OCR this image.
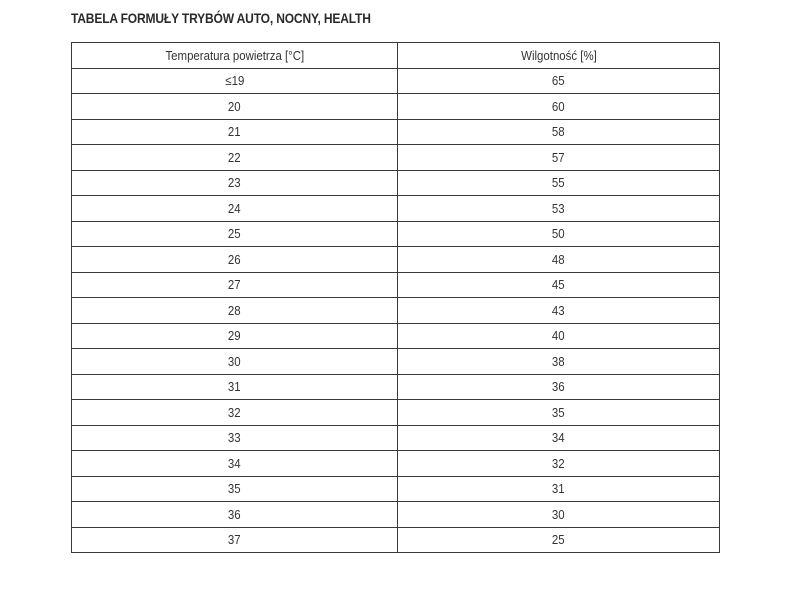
TABELA FORMUŁY TRYBÓW AUTO, NOCNY, HEALTH
Temperatura powietrza [°C]	Wilgotność [%]
≤19	65
20	60
21	58
22	57
23	55
24	53
25	50
26	48
27	45
28	43
29	40
30	38
31	36
32	35
33	34
34	32
35	31
36	30
37	25
